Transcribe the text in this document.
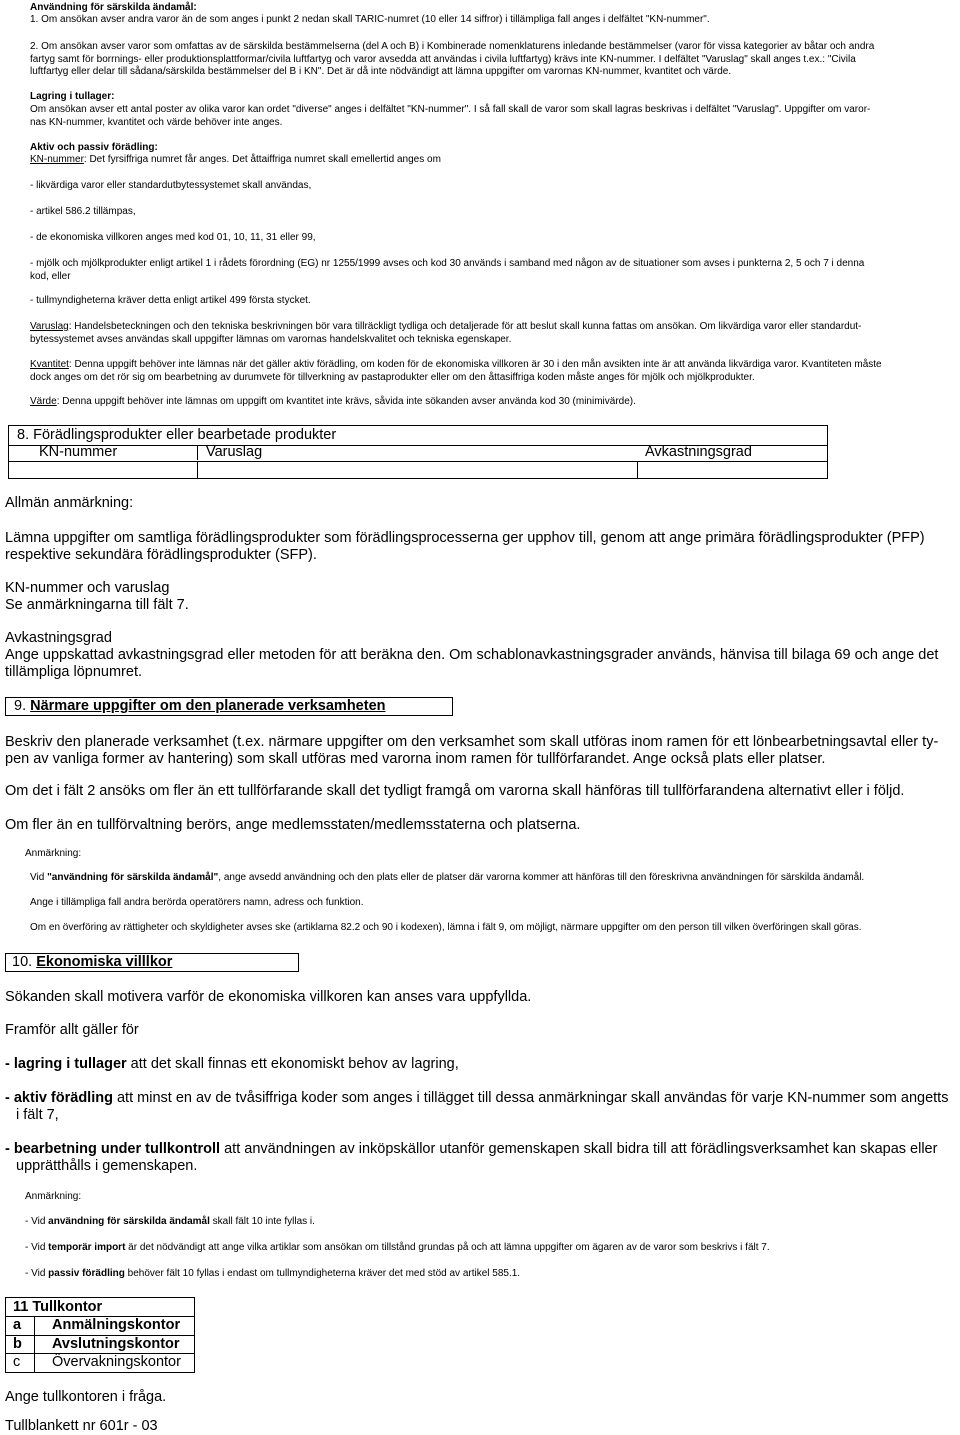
Användning för särskilda ändamål:
1. Om ansökan avser andra varor än de som anges i punkt 2 nedan skall TARIC-numret (10 eller 14 siffror) i tillämpliga fall anges i delfältet "KN-nummer".
2. Om ansökan avser varor som omfattas av de särskilda bestämmelserna (del A och B) i Kombinerade nomenklaturens inledande bestämmelser (varor för vissa kategorier av båtar och andra
fartyg samt för borrnings- eller produktionsplattformar/civila luftfartyg och varor avsedda att användas i civila luftfartyg) krävs inte KN-nummer. I delfältet "Varuslag" skall anges t.ex.: "Civila
luftfartyg eller delar till sådana/särskilda bestämmelser del B i KN". Det är då inte nödvändigt att lämna uppgifter om varornas KN-nummer, kvantitet och värde.
Lagring i tullager:
Om ansökan avser ett antal poster av olika varor kan ordet "diverse" anges i delfältet "KN-nummer". I så fall skall de varor som skall lagras beskrivas i delfältet "Varuslag". Uppgifter om varor-
nas KN-nummer, kvantitet och värde behöver inte anges.
Aktiv och passiv förädling:
KN-nummer: Det fyrsiffriga numret får anges. Det åttaiffriga numret skall emellertid anges om
- likvärdiga varor eller standardutbytessystemet skall användas,
- artikel 586.2 tillämpas,
- de ekonomiska villkoren anges med kod 01, 10, 11, 31 eller 99,
- mjölk och mjölkprodukter enligt artikel 1 i rådets förordning (EG) nr 1255/1999 avses och kod 30 används i samband med någon av de situationer som avses i punkterna 2, 5 och 7 i denna
kod, eller
- tullmyndigheterna kräver detta enligt artikel 499 första stycket.
Varuslag: Handelsbeteckningen och den tekniska beskrivningen bör vara tillräckligt tydliga och detaljerade för att beslut skall kunna fattas om ansökan. Om likvärdiga varor eller standardut-
bytessystemet avses användas skall uppgifter lämnas om varornas handelskvalitet och tekniska egenskaper.
Kvantitet: Denna uppgift behöver inte lämnas när det gäller aktiv förädling, om koden för de ekonomiska villkoren är 30 i den mån avsikten inte är att använda likvärdiga varor. Kvantiteten måste
dock anges om det rör sig om bearbetning av durumvete för tillverkning av pastaprodukter eller om den åttasiffriga koden måste anges för mjölk och mjölkprodukter.
Värde: Denna uppgift behöver inte lämnas om uppgift om kvantitet inte krävs, såvida inte sökanden avser använda kod 30 (minimivärde).
8. Förädlingsprodukter eller bearbetade produkter
KN-nummer	Varuslag	Avkastningsgrad
Allmän anmärkning:
Lämna uppgifter om samtliga förädlingsprodukter som förädlingsprocesserna ger upphov till, genom att ange primära förädlingsprodukter (PFP)
respektive sekundära förädlingsprodukter (SFP).
KN-nummer och varuslag
Se anmärkningarna till fält 7.
Avkastningsgrad
Ange uppskattad avkastningsgrad eller metoden för att beräkna den. Om schablonavkastningsgrader används, hänvisa till bilaga 69 och ange det
tillämpliga löpnumret.
9. Närmare uppgifter om den planerade verksamheten
Beskriv den planerade verksamhet (t.ex. närmare uppgifter om den verksamhet som skall utföras inom ramen för ett lönbearbetningsavtal eller ty-
pen av vanliga former av hantering) som skall utföras med varorna inom ramen för tullförfarandet. Ange också plats eller platser.
Om det i fält 2 ansöks om fler än ett tullförfarande skall det tydligt framgå om varorna skall hänföras till tullförfarandena alternativt eller i följd.
Om fler än en tullförvaltning berörs, ange medlemsstaten/medlemsstaterna och platserna.
Anmärkning:
Vid "användning för särskilda ändamål", ange avsedd användning och den plats eller de platser där varorna kommer att hänföras till den föreskrivna användningen för särskilda ändamål.
Ange i tillämpliga fall andra berörda operatörers namn, adress och funktion.
Om en överföring av rättigheter och skyldigheter avses ske (artiklarna 82.2 och 90 i kodexen), lämna i fält 9, om möjligt, närmare uppgifter om den person till vilken överföringen skall göras.
10. Ekonomiska villlkor
Sökanden skall motivera varför de ekonomiska villkoren kan anses vara uppfyllda.
Framför allt gäller för
- lagring i tullager att det skall finnas ett ekonomiskt behov av lagring,
- aktiv förädling att minst en av de tvåsiffriga koder som anges i tillägget till dessa anmärkningar skall användas för varje KN-nummer som angetts
i fält 7,
- bearbetning under tullkontroll att användningen av inköpskällor utanför gemenskapen skall bidra till att förädlingsverksamhet kan skapas eller
upprätthålls i gemenskapen.
Anmärkning:
- Vid användning för särskilda ändamål skall fält 10 inte fyllas i.
- Vid temporär import är det nödvändigt att ange vilka artiklar som ansökan om tillstånd grundas på och att lämna uppgifter om ägaren av de varor som beskrivs i fält 7.
- Vid passiv förädling behöver fält 10 fyllas i endast om tullmyndigheterna kräver det med stöd av artikel 585.1.
11 Tullkontor
a Anmälningskontor
b Avslutningskontor
c Övervakningskontor
Ange tullkontoren i fråga.
Tullblankett nr 601r - 03
